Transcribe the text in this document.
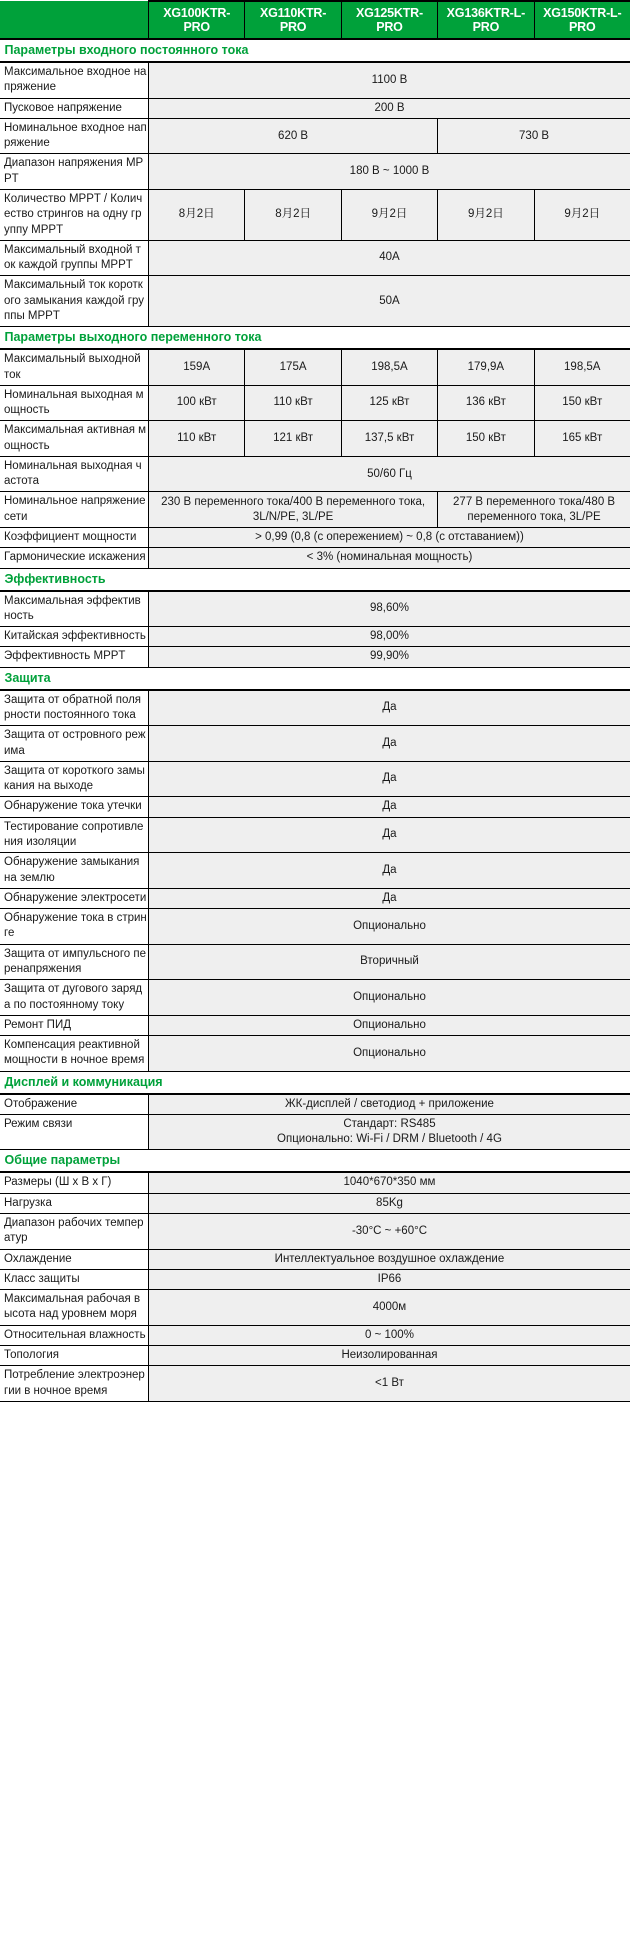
	XG100KTR-PRO	XG110KTR-PRO	XG125KTR-PRO	XG136KTR-L-PRO	XG150KTR-L-PRO
Параметры входного постоянного тока					
Максимальное входное напряжение	1100 В				
Пусковое напряжение	200 В				
Номинальное входное напряжение	620 В			730 В	
Диапазон напряжения MPPT	180 В ~ 1000 В				
Количество MPPT / Количество стрингов на одну группу MPPT	8月2日	8月2日	9月2日	9月2日	9月2日
Максимальный входной ток каждой группы MPPT	40A				
Максимальный ток короткого замыкания каждой группы MPPT	50A				
Параметры выходного переменного тока					
Максимальный выходной ток	159A	175A	198,5A	179,9A	198,5A
Номинальная выходная мощность	100 кВт	110 кВт	125 кВт	136 кВт	150 кВт
Максимальная активная мощность	110 кВт	121 кВт	137,5 кВт	150 кВт	165 кВт
Номинальная выходная частота	50/60 Гц				
Номинальное напряжение сети	230 В переменного тока/400 В переменного тока, 3L/N/PE, 3L/PE			277 В переменного тока/480 В переменного тока, 3L/PE	
Коэффициент мощности	> 0,99 (0,8 (с опережением) ~ 0,8 (с отставанием))				
Гармонические искажения	< 3% (номинальная мощность)				
Эффективность					
Максимальная эффективность	98,60%				
Китайская эффективность	98,00%				
Эффективность MPPT	99,90%				
Защита					
Защита от обратной полярности постоянного тока	Да				
Защита от островного режима	Да				
Защита от короткого замыкания на выходе	Да				
Обнаружение тока утечки	Да				
Тестирование сопротивления изоляции	Да				
Обнаружение замыкания на землю	Да				
Обнаружение электросети	Да				
Обнаружение тока в стринге	Опционально				
Защита от импульсного перенапряжения	Вторичный				
Защита от дугового заряда по постоянному току	Опционально				
Ремонт ПИД	Опционально				
Компенсация реактивной мощности в ночное время	Опционально				
Дисплей и коммуникация					
Отображение	ЖК-дисплей / светодиод + приложение				
Режим связи	Стандарт: RS485
Опционально: Wi-Fi / DRM / Bluetooth / 4G				

Общие параметры					
Размеры (Ш x В x Г)	1040*670*350 мм				
Нагрузка	85Kg				
Диапазон рабочих температур	-30°C ~ +60°C				
Охлаждение	Интеллектуальное воздушное охлаждение				
Класс защиты	IP66				
Максимальная рабочая высота над уровнем моря	4000м				
Относительная влажность	0 ~ 100%				
Топология	Неизолированная				
Потребление электроэнергии в ночное время	<1 Вт				
